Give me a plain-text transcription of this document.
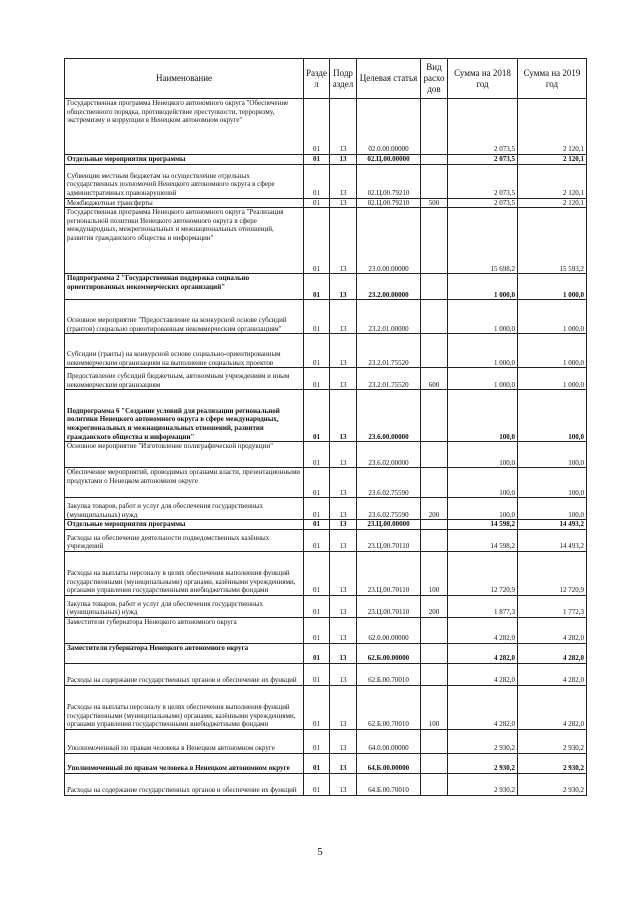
Наименование	Разде л	Подр аздел	Целевая статья	Вид расхо дов	Сумма на 2018 год	Сумма на 2019 год
Государственная программа Ненецкого автономного округа "Обеспечение общественного порядка, противодействие преступности, терроризму, экстремизму и коррупции в Ненецком автономном округе"	01	13	02.0.00.00000		2 073,5	2 120,1
Отдельные мероприятия программы	01	13	02.Ц.00.00000		2 073,5	2 120,1
Субвенции местным бюджетам на осуществление отдельных государственных полномочий Ненецкого автономного округа в сфере административных правонарушений	01	13	02.Ц.00.79210		2 073,5	2 120,1
Межбюджетные трансферты	01	13	02.Ц.00.79210	500	2 073,5	2 120,1
Государственная программа Ненецкого автономного округа "Реализация региональной политики Ненецкого автономного округа в сфере международных, межрегиональных и межнациональных отношений, развития гражданского общества и информации"	01	13	23.0.00.00000		15 698,2	15 593,2
Подпрограмма 2 "Государственная поддержка социально ориентированных некоммерческих организаций"	01	13	23.2.00.00000		1 000,0	1 000,0
Основное мероприятие "Предоставление на конкурсной основе субсидий (грантов) социально ориентированным некоммерческим организациям"	01	13	23.2.01.00000		1 000,0	1 000,0
Субсидии (гранты) на конкурсной основе социально-ориентированным некоммерческим организациям на выполнение социальных проектов	01	13	23.2.01.75520		1 000,0	1 000,0
Предоставление субсидий бюджетным, автономным учреждениям и иным некоммерческим организациям	01	13	23.2.01.75520	600	1 000,0	1 000,0
Подпрограмма 6 "Создание условий для реализации региональной политики Ненецкого автономного округа в сфере международных, межрегиональных и межнациональных отношений, развития гражданского общества и информации"	01	13	23.6.00.00000		100,0	100,0
Основное мероприятие "Изготовление полиграфической продукции"	01	13	23.6.02.00000		100,0	100,0
Обеспечение мероприятий, проводимых органами власти, презентационными продуктами о Ненецком автономном округе	01	13	23.6.02.75590		100,0	100,0
Закупка товаров, работ и услуг для обеспечения государственных (муниципальных) нужд	01	13	23.6.02.75590	200	100,0	100,0
Отдельные мероприятия программы	01	13	23.Ц.00.00000		14 598,2	14 493,2
Расходы на обеспечение деятельности подведомственных казённых учреждений	01	13	23.Ц.00.70110		14 598,2	14 493,2
Расходы на выплаты персоналу в целях обеспечения выполнения функций государственными (муниципальными) органами, казёнными учреждениями, органами управления государственными внебюджетными фондами	01	13	23.Ц.00.70110	100	12 720,9	12 720,9
Закупка товаров, работ и услуг для обеспечения государственных (муниципальных) нужд	01	13	23.Ц.00.70110	200	1 877,3	1 772,3
Заместители губернатора Ненецкого автономного округа	01	13	62.0.00.00000		4 282,0	4 282,0
Заместители губернатора Ненецкого автономного округа	01	13	62.Б.00.00000		4 282,0	4 282,0
Расходы на содержание государственных органов и обеспечение их функций	01	13	62.Б.00.70010		4 282,0	4 282,0
Расходы на выплаты персоналу в целях обеспечения выполнения функций государственными (муниципальными) органами, казёнными учреждениями, органами управления государственными внебюджетными фондами	01	13	62.Б.00.70010	100	4 282,0	4 282,0
Уполномоченный по правам человека в Ненецком автономном округе	01	13	64.0.00.00000		2 930,2	2 930,2
Уполномоченный по правам человека в Ненецком автономном округе	01	13	64.Б.00.00000		2 930,2	2 930,2
Расходы на содержание государственных органов и обеспечение их функций	01	13	64.Б.00.70010		2 930,2	2 930,2
5
